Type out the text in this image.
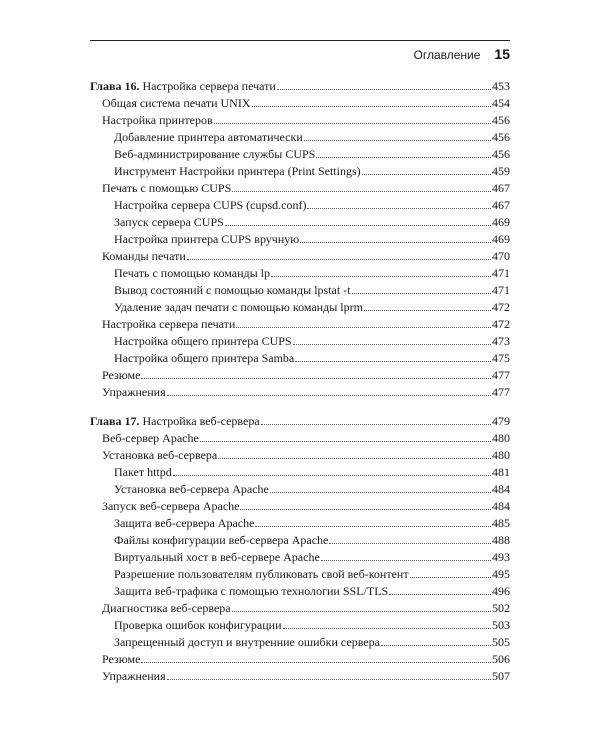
Оглавление 15
Глава 16. Настройка сервера печати	453
Общая система печати UNIX	454
Настройка принтеров	456
Добавление принтера автоматически	456
Веб-администрирование службы CUPS	456
Инструмент Настройки принтера (Print Settings)	459
Печать с помощью CUPS	467
Настройка сервера CUPS (cupsd.conf)	467
Запуск сервера CUPS	469
Настройка принтера CUPS вручную	469
Команды печати	470
Печать с помощью команды lp	471
Вывод состояний с помощью команды lpstat -t	471
Удаление задач печати с помощью команды lprm	472
Настройка сервера печати	472
Настройка общего принтера CUPS	473
Настройка общего принтера Samba	475
Резюме	477
Упражнения	477
Глава 17. Настройка веб-сервера	479
Веб-сервер Apache	480
Установка веб-сервера	480
Пакет httpd	481
Установка веб-сервера Apache	484
Запуск веб-сервера Apache	484
Защита веб-сервера Apache	485
Файлы конфигурации веб-сервера Apache	488
Виртуальный хост в веб-сервере Apache	493
Разрешение пользователям публиковать свой веб-контент	495
Защита веб-трафика с помощью технологии SSL/TLS	496
Диагностика веб-сервера	502
Проверка ошибок конфигурации	503
Запрещенный доступ и внутренние ошибки сервера	505
Резюме	506
Упражнения	507
